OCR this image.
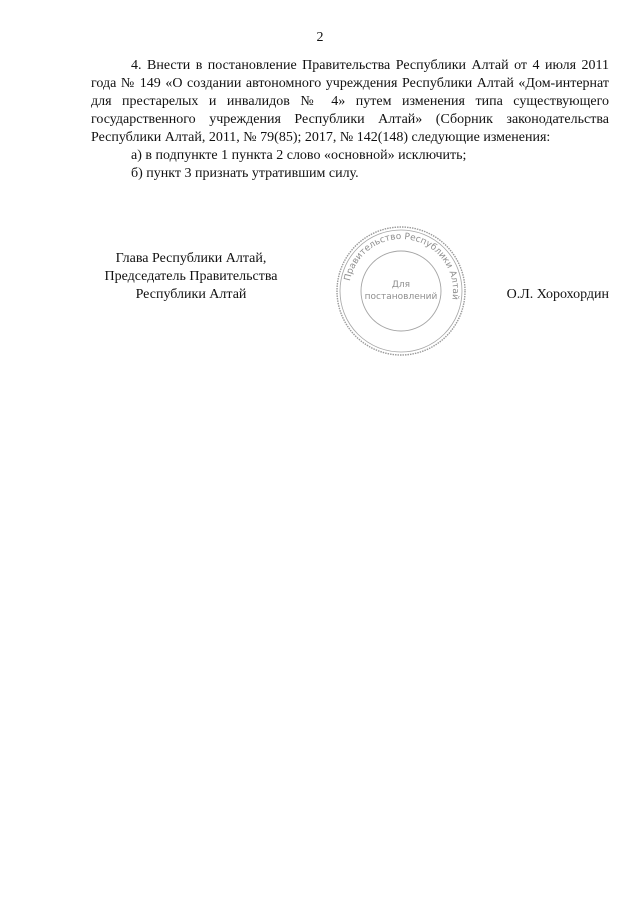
2

4. Внести в постановление Правительства Республики Алтай от 4 июля 2011 года № 149 «О создании автономного учреждения Республики Алтай «Дом-интернат для престарелых и инвалидов № 4» путем изменения типа существующего государственного учреждения Республики Алтай» (Сборник законодательства Республики Алтай, 2011, № 79(85); 2017, № 142(148) следующие изменения:

а) в подпункте 1 пункта 2 слово «основной» исключить;

б) пункт 3 признать утратившим силу.

Глава Республики Алтай,
Председатель Правительства
Республики Алтай
Правительство Республики Алтай
Для
постановлений	О.Л. Хорохордин
